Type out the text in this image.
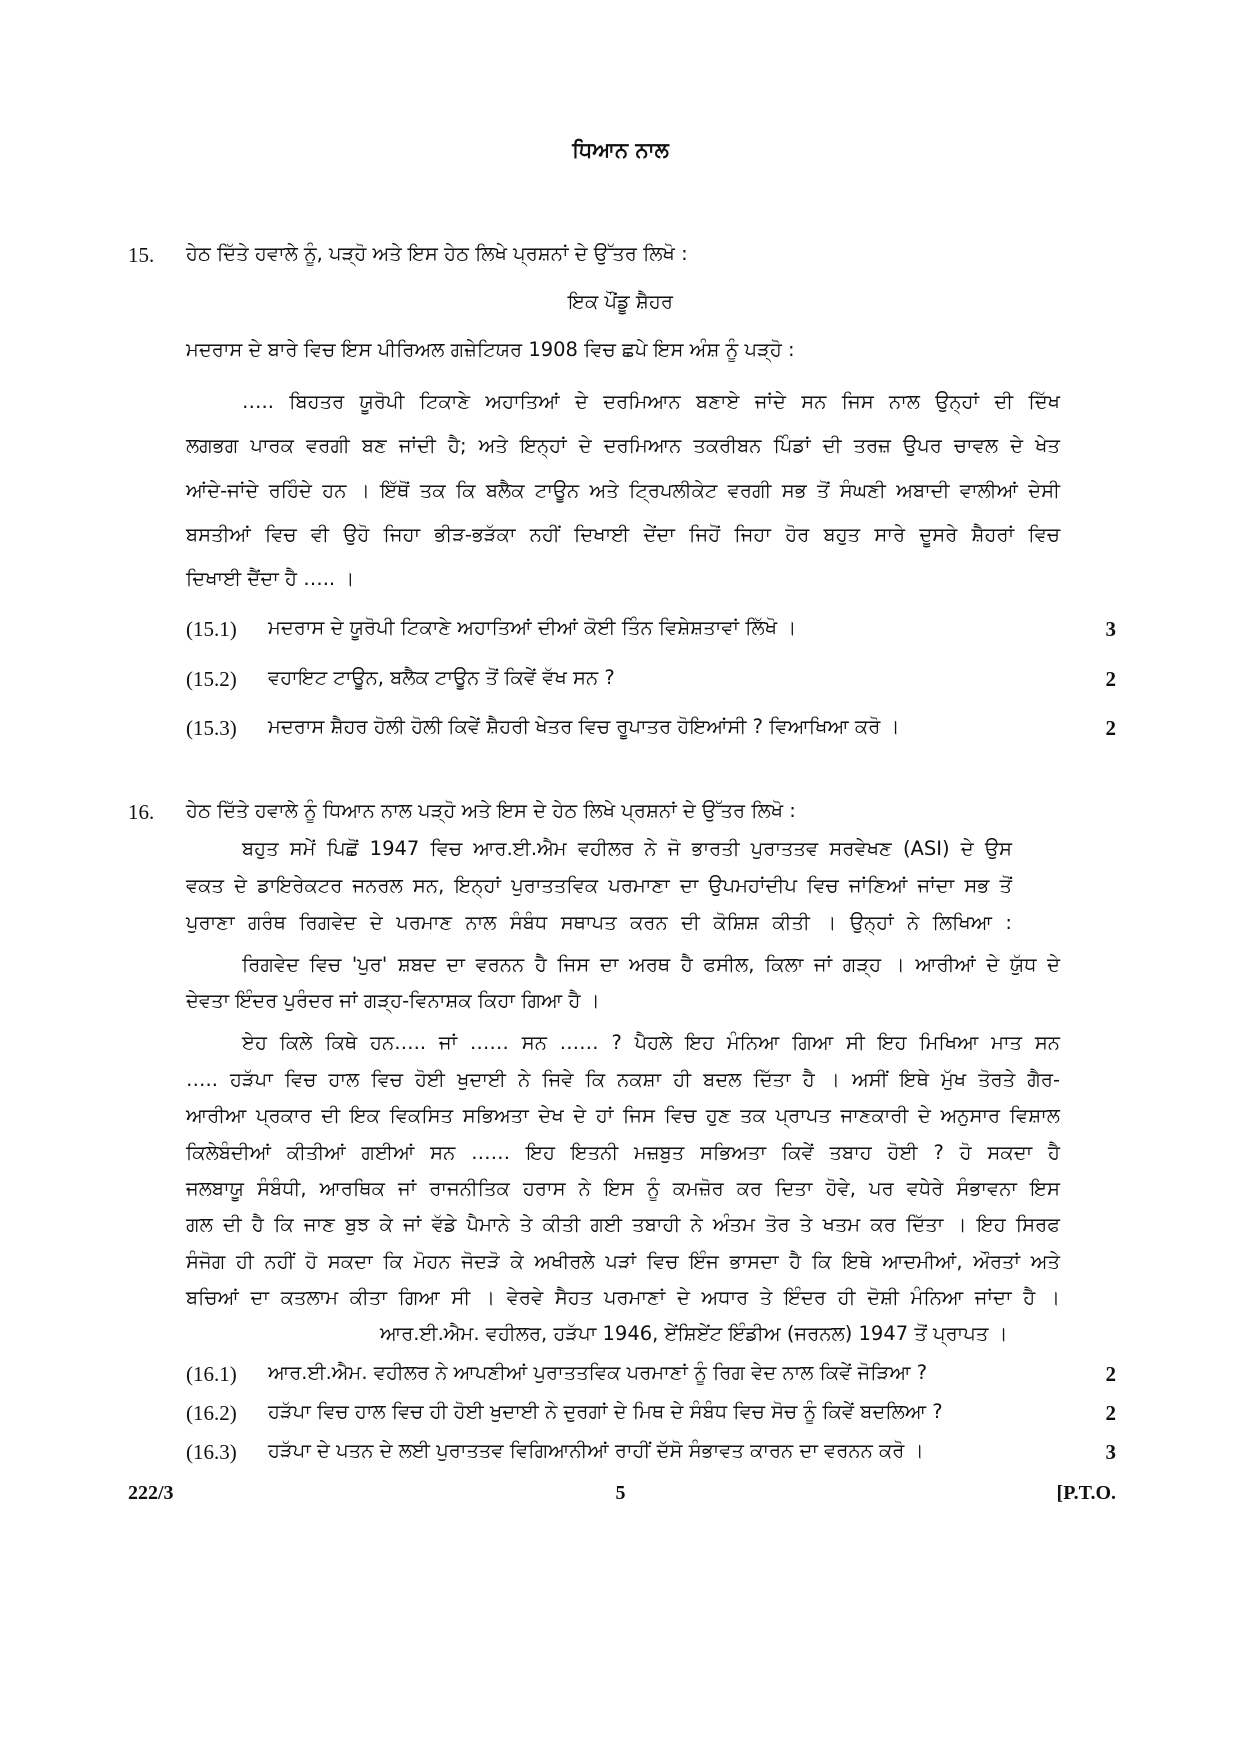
ਧਿਆਨ ਨਾਲ
15. ਹੇਠ ਦਿੱਤੇ ਹਵਾਲੇ ਨੂੰ, ਪੜ੍ਹੋ ਅਤੇ ਇਸ ਹੇਠ ਲਿਖੇ ਪ੍ਰਸ਼ਨਾਂ ਦੇ ਉੱਤਰ ਲਿਖੋ :
ਇਕ ਪੌਂਡੂ ਸ਼ੈਹਰ
ਮਦਰਾਸ ਦੇ ਬਾਰੇ ਵਿਚ ਇਸ ਪੀਰਿਅਲ ਗਜ਼ੇਟਿਯਰ 1908 ਵਿਚ ਛਪੇ ਇਸ ਅੰਸ਼ ਨੂੰ ਪੜ੍ਹੋ :
….. ਬਿਹਤਰ ਯੂਰੋਪੀ ਟਿਕਾਣੇ ਅਹਾਤਿਆਂ ਦੇ ਦਰਮਿਆਨ ਬਣਾਏ ਜਾਂਦੇ ਸਨ ਜਿਸ ਨਾਲ ਉਨ੍ਹਾਂ ਦੀ ਦਿੱਖ
ਲਗਭਗ ਪਾਰਕ ਵਰਗੀ ਬਣ ਜਾਂਦੀ ਹੈ; ਅਤੇ ਇਨ੍ਹਾਂ ਦੇ ਦਰਮਿਆਨ ਤਕਰੀਬਨ ਪਿੰਡਾਂ ਦੀ ਤਰਜ਼ ਉਪਰ ਚਾਵਲ ਦੇ ਖੇਤ
ਆਂਦੇ-ਜਾਂਦੇ ਰਹਿੰਦੇ ਹਨ । ਇੱਥੋਂ ਤਕ ਕਿ ਬਲੈਕ ਟਾਊਨ ਅਤੇ ਟ੍ਰਿਪਲੀਕੇਟ ਵਰਗੀ ਸਭ ਤੋਂ ਸੰਘਣੀ ਅਬਾਦੀ ਵਾਲੀਆਂ ਦੇਸੀ
ਬਸਤੀਆਂ ਵਿਚ ਵੀ ਉਹੋ ਜਿਹਾ ਭੀੜ-ਭੜੱਕਾ ਨਹੀਂ ਦਿਖਾਈ ਦੇਂਦਾ ਜਿਹੋਂ ਜਿਹਾ ਹੋਰ ਬਹੁਤ ਸਾਰੇ ਦੂਸਰੇ ਸ਼ੈਹਰਾਂ ਵਿਚ
ਦਿਖਾਈ ਦੈਂਦਾ ਹੈ ….. ।
(15.1) ਮਦਰਾਸ ਦੇ ਯੂਰੋਪੀ ਟਿਕਾਣੇ ਅਹਾਤਿਆਂ ਦੀਆਂ ਕੋਈ ਤਿੰਨ ਵਿਸ਼ੇਸ਼ਤਾਵਾਂ ਲਿੱਖੋ ।	3
(15.2) ਵਹਾਇਟ ਟਾਊਨ, ਬਲੈਕ ਟਾਊਨ ਤੋਂ ਕਿਵੇਂ ਵੱਖ ਸਨ ?	2
(15.3) ਮਦਰਾਸ ਸ਼ੈਹਰ ਹੋਲੀ ਹੋਲੀ ਕਿਵੇਂ ਸ਼ੈਹਰੀ ਖੇਤਰ ਵਿਚ ਰੂਪਾਤਰ ਹੋਇਆਂਸੀ ? ਵਿਆਖਿਆ ਕਰੋ ।	2
16. ਹੇਠ ਦਿੱਤੇ ਹਵਾਲੇ ਨੂੰ ਧਿਆਨ ਨਾਲ ਪੜ੍ਹੋ ਅਤੇ ਇਸ ਦੇ ਹੇਠ ਲਿਖੇ ਪ੍ਰਸ਼ਨਾਂ ਦੇ ਉੱਤਰ ਲਿਖੋ :
ਬਹੁਤ ਸਮੇਂ ਪਿਛੋਂ 1947 ਵਿਚ ਆਰ.ਈ.ਐਮ ਵਹੀਲਰ ਨੇ ਜੋ ਭਾਰਤੀ ਪੁਰਾਤਤਵ ਸਰਵੇਖਣ (ASI) ਦੇ ਉਸ
ਵਕਤ ਦੇ ਡਾਇਰੇਕਟਰ ਜਨਰਲ ਸਨ, ਇਨ੍ਹਾਂ ਪੁਰਾਤਤਵਿਕ ਪਰਮਾਣਾ ਦਾ ਉਪਮਹਾਂਦੀਪ ਵਿਚ ਜਾਂਣਿਆਂ ਜਾਂਦਾ ਸਭ ਤੋਂ
ਪੁਰਾਣਾ ਗਰੰਥ ਰਿਗਵੇਦ ਦੇ ਪਰਮਾਣ ਨਾਲ ਸੰਬੰਧ ਸਥਾਪਤ ਕਰਨ ਦੀ ਕੋਸ਼ਿਸ਼ ਕੀਤੀ । ਉਨ੍ਹਾਂ ਨੇ ਲਿਖਿਆ :
ਰਿਗਵੇਦ ਵਿਚ 'ਪੁਰ' ਸ਼ਬਦ ਦਾ ਵਰਨਨ ਹੈ ਜਿਸ ਦਾ ਅਰਥ ਹੈ ਫਸੀਲ, ਕਿਲਾ ਜਾਂ ਗੜ੍ਹ । ਆਰੀਆਂ ਦੇ ਯੁੱਧ ਦੇ
ਦੇਵਤਾ ਇੰਦਰ ਪੁਰੰਦਰ ਜਾਂ ਗੜ੍ਹ-ਵਿਨਾਸ਼ਕ ਕਿਹਾ ਗਿਆ ਹੈ ।
ਏਹ ਕਿਲੇ ਕਿਥੇ ਹਨ….. ਜਾਂ …… ਸਨ …… ? ਪੈਹਲੇ ਇਹ ਮੰਨਿਆ ਗਿਆ ਸੀ ਇਹ ਮਿਖਿਆ ਮਾਤ ਸਨ
….. ਹੜੱਪਾ ਵਿਚ ਹਾਲ ਵਿਚ ਹੋਈ ਖੁਦਾਈ ਨੇ ਜਿਵੇ ਕਿ ਨਕਸ਼ਾ ਹੀ ਬਦਲ ਦਿੱਤਾ ਹੈ । ਅਸੀਂ ਇਥੇ ਮੁੱਖ ਤੋਰਤੇ ਗੈਰ-
ਆਰੀਆ ਪ੍ਰਕਾਰ ਦੀ ਇਕ ਵਿਕਸਿਤ ਸਭਿਅਤਾ ਦੇਖ ਦੇ ਹਾਂ ਜਿਸ ਵਿਚ ਹੁਣ ਤਕ ਪ੍ਰਾਪਤ ਜਾਣਕਾਰੀ ਦੇ ਅਨੁਸਾਰ ਵਿਸ਼ਾਲ
ਕਿਲੇਬੰਦੀਆਂ ਕੀਤੀਆਂ ਗਈਆਂ ਸਨ …… ਇਹ ਇਤਨੀ ਮਜ਼ਬੁਤ ਸਭਿਅਤਾ ਕਿਵੇਂ ਤਬਾਹ ਹੋਈ ? ਹੋ ਸਕਦਾ ਹੈ
ਜਲਬਾਯੂ ਸੰਬੰਧੀ, ਆਰਥਿਕ ਜਾਂ ਰਾਜਨੀਤਿਕ ਹਰਾਸ ਨੇ ਇਸ ਨੂੰ ਕਮਜ਼ੋਰ ਕਰ ਦਿਤਾ ਹੋਵੇ, ਪਰ ਵਧੇਰੇ ਸੰਭਾਵਨਾ ਇਸ
ਗਲ ਦੀ ਹੈ ਕਿ ਜਾਣ ਬੁਝ ਕੇ ਜਾਂ ਵੱਡੇ ਪੈਮਾਨੇ ਤੇ ਕੀਤੀ ਗਈ ਤਬਾਹੀ ਨੇ ਅੰਤਮ ਤੋਰ ਤੇ ਖਤਮ ਕਰ ਦਿੱਤਾ । ਇਹ ਸਿਰਫ
ਸੰਜੋਗ ਹੀ ਨਹੀਂ ਹੋ ਸਕਦਾ ਕਿ ਮੋਹਨ ਜੋਦੜੋ ਕੇ ਅਖੀਰਲੇ ਪੜਾਂ ਵਿਚ ਇੰਜ ਭਾਸਦਾ ਹੈ ਕਿ ਇਥੇ ਆਦਮੀਆਂ, ਔਰਤਾਂ ਅਤੇ
ਬਚਿਆਂ ਦਾ ਕਤਲਾਮ ਕੀਤਾ ਗਿਆ ਸੀ । ਵੇਰਵੇ ਸੈਹਤ ਪਰਮਾਣਾਂ ਦੇ ਅਧਾਰ ਤੇ ਇੰਦਰ ਹੀ ਦੋਸ਼ੀ ਮੰਨਿਆ ਜਾਂਦਾ ਹੈ ।
ਆਰ.ਈ.ਐਮ. ਵਹੀਲਰ, ਹੜੱਪਾ 1946, ਏਂਸ਼ਿਏਂਟ ਇੰਡੀਅ (ਜਰਨਲ) 1947 ਤੋਂ ਪ੍ਰਾਪਤ ।
(16.1) ਆਰ.ਈ.ਐਮ. ਵਹੀਲਰ ਨੇ ਆਪਣੀਆਂ ਪੁਰਾਤਤਵਿਕ ਪਰਮਾਣਾਂ ਨੂੰ ਰਿਗ ਵੇਦ ਨਾਲ ਕਿਵੇਂ ਜੋੜਿਆ ?	2
(16.2) ਹੜੱਪਾ ਵਿਚ ਹਾਲ ਵਿਚ ਹੀ ਹੋਈ ਖੁਦਾਈ ਨੇ ਦੁਰਗਾਂ ਦੇ ਮਿਥ ਦੇ ਸੰਬੰਧ ਵਿਚ ਸੋਚ ਨੂੰ ਕਿਵੇਂ ਬਦਲਿਆ ?	2
(16.3) ਹੜੱਪਾ ਦੇ ਪਤਨ ਦੇ ਲਈ ਪੁਰਾਤਤਵ ਵਿਗਿਆਨੀਆਂ ਰਾਹੀਂ ਦੱਸੋ ਸੰਭਾਵਤ ਕਾਰਨ ਦਾ ਵਰਨਨ ਕਰੋ ।	3
222/3	5	[P.T.O.
